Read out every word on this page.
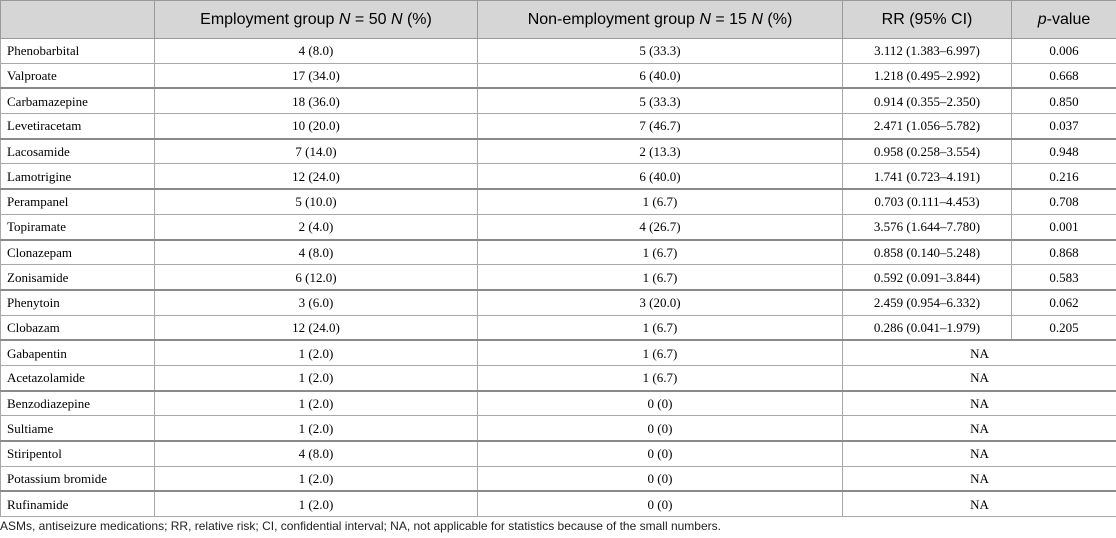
	Employment group N = 50 N (%)	Non-employment group N = 15 N (%)	RR (95% CI)	p-value
Phenobarbital	4 (8.0)	5 (33.3)	3.112 (1.383–6.997)	0.006
Valproate	17 (34.0)	6 (40.0)	1.218 (0.495–2.992)	0.668
Carbamazepine	18 (36.0)	5 (33.3)	0.914 (0.355–2.350)	0.850
Levetiracetam	10 (20.0)	7 (46.7)	2.471 (1.056–5.782)	0.037
Lacosamide	7 (14.0)	2 (13.3)	0.958 (0.258–3.554)	0.948
Lamotrigine	12 (24.0)	6 (40.0)	1.741 (0.723–4.191)	0.216
Perampanel	5 (10.0)	1 (6.7)	0.703 (0.111–4.453)	0.708
Topiramate	2 (4.0)	4 (26.7)	3.576 (1.644–7.780)	0.001
Clonazepam	4 (8.0)	1 (6.7)	0.858 (0.140–5.248)	0.868
Zonisamide	6 (12.0)	1 (6.7)	0.592 (0.091–3.844)	0.583
Phenytoin	3 (6.0)	3 (20.0)	2.459 (0.954–6.332)	0.062
Clobazam	12 (24.0)	1 (6.7)	0.286 (0.041–1.979)	0.205
Gabapentin	1 (2.0)	1 (6.7)	NA	
Acetazolamide	1 (2.0)	1 (6.7)	NA	
Benzodiazepine	1 (2.0)	0 (0)	NA	
Sultiame	1 (2.0)	0 (0)	NA	
Stiripentol	4 (8.0)	0 (0)	NA	
Potassium bromide	1 (2.0)	0 (0)	NA	
Rufinamide	1 (2.0)	0 (0)	NA	
ASMs, antiseizure medications; RR, relative risk; CI, confidential interval; NA, not applicable for statistics because of the small numbers.
